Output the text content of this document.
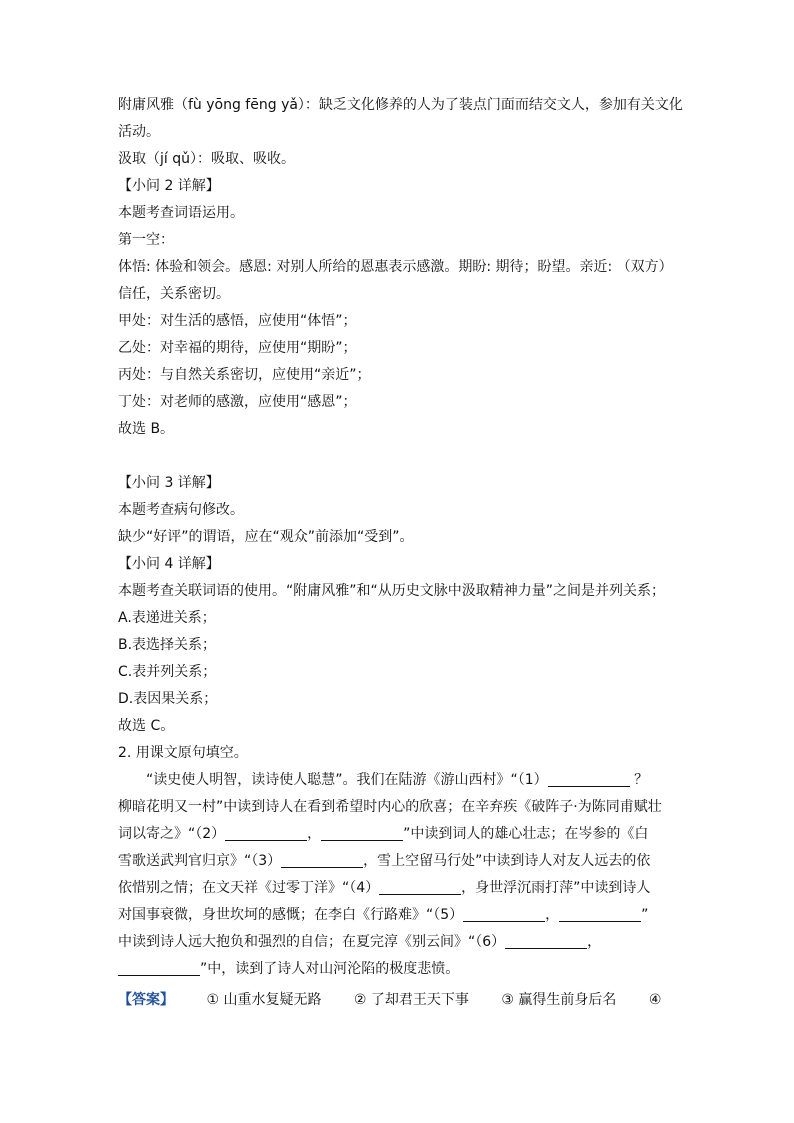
附庸风雅（fù yōng fēng yǎ）：缺乏文化修养的人为了装点门面而结交文人，参加有关文化
活动。
汲取（jí qǔ）：吸取、吸收。
【小问 2 详解】
本题考查词语运用。
第一空：
体悟: 体验和领会。感恩: 对别人所给的恩惠表示感激。期盼: 期待；盼望。亲近: （双方）
信任，关系密切。
甲处：对生活的感悟，应使用“体悟”；
乙处：对幸福的期待，应使用“期盼”；
丙处：与自然关系密切，应使用“亲近”；
丁处：对老师的感激，应使用“感恩”；
故选 B。
【小问 3 详解】
本题考查病句修改。
缺少“好评”的谓语，应在“观众”前添加“受到”。
【小问 4 详解】
本题考查关联词语的使用。“附庸风雅”和“从历史文脉中汲取精神力量”之间是并列关系；
A.表递进关系；
B.表选择关系；
C.表并列关系；
D.表因果关系；
故选 C。
2. 用课文原句填空。
“读史使人明智，读诗使人聪慧”。我们在陆游《游山西村》“（1）	？
柳暗花明又一村”中读到诗人在看到希望时内心的欣喜；在辛弃疾《破阵子·为陈同甫赋壮
词以寄之》“（2）	，	”中读到词人的雄心壮志；在岑参的《白
雪歌送武判官归京》“（3）	，雪上空留马行处”中读到诗人对友人远去的依
依惜别之情；在文天祥《过零丁洋》“（4）	，身世浮沉雨打萍”中读到诗人
对国事衰微，身世坎坷的感慨；在李白《行路难》“（5）	，	”
中读到诗人远大抱负和强烈的自信；在夏完淳《别云间》“（6）	，
”中，读到了诗人对山河沦陷的极度悲愤。
【答案】 ① 山重水复疑无路 ② 了却君王天下事 ③ 赢得生前身后名 ④
